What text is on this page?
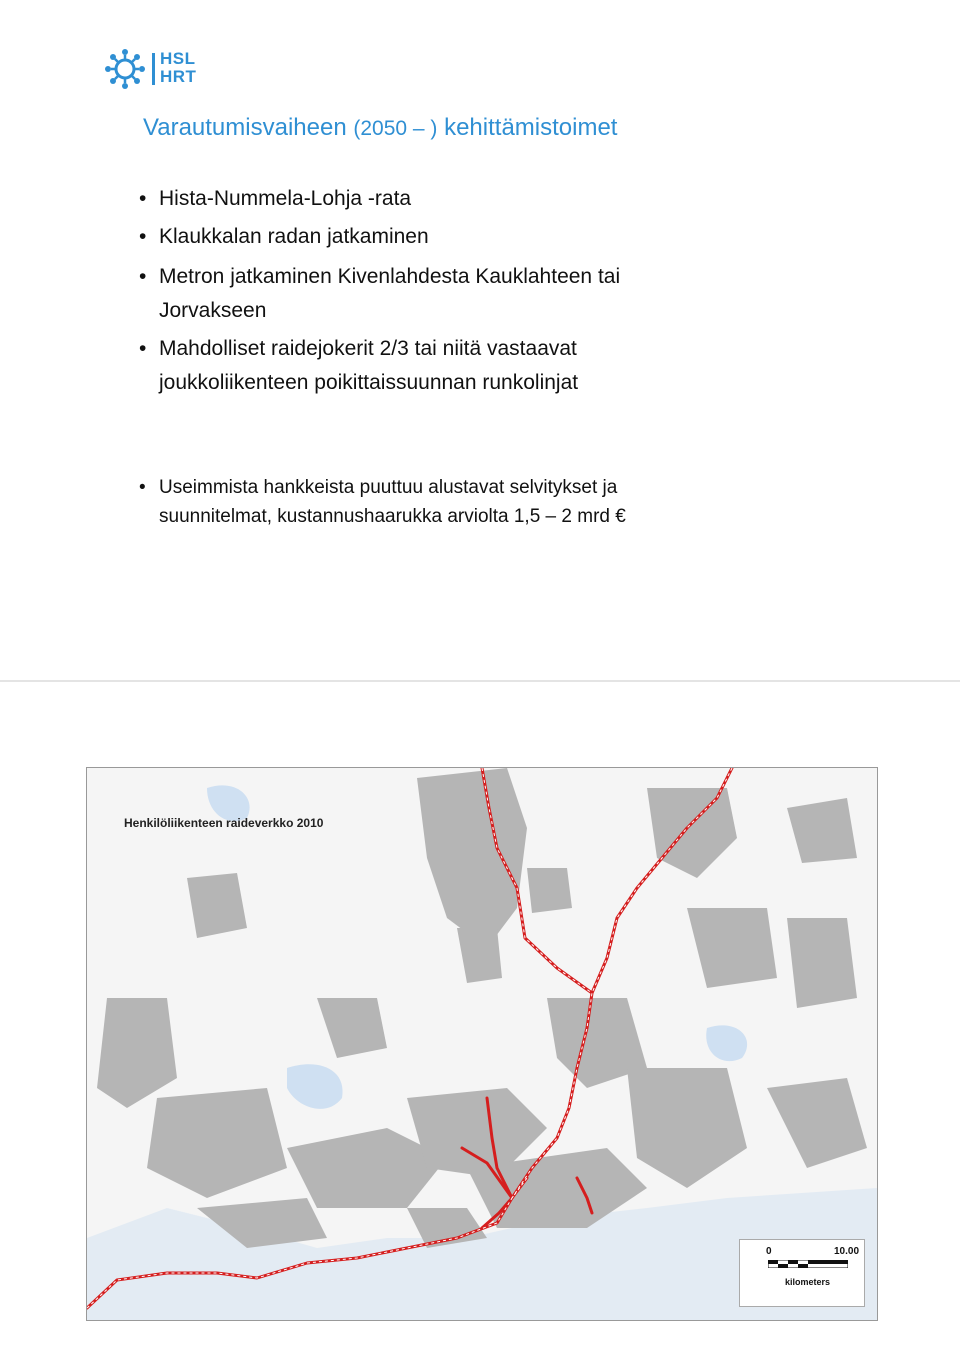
HSL
HRT
Varautumisvaiheen (2050 – ) kehittämistoimet
• Hista-Nummela-Lohja -rata
• Klaukkalan radan jatkaminen
• Metron jatkaminen Kivenlahdesta Kauklahteen tai
Jorvakseen
• Mahdolliset raidejokerit 2/3 tai niitä vastaavat
joukkoliikenteen poikittaissuunnan runkolinjat
• Useimmista hankkeista puuttuu alustavat selvitykset ja
suunnitelmat, kustannushaarukka arviolta 1,5 – 2 mrd €
Henkilöliikenteen raideverkko 2010
0	10.00
kilometers
